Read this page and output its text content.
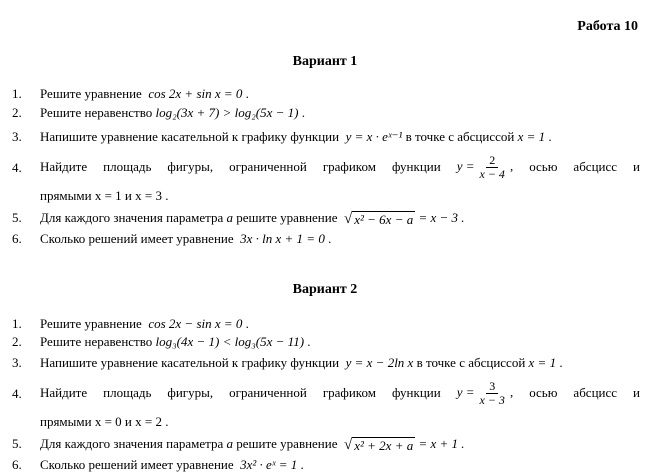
Работа 10
Вариант 1
1. Решите уравнение cos 2x + sin x = 0 .
2. Решите неравенство log₂(3x + 7) > log₂(5x − 1) .
3. Напишите уравнение касательной к графику функции y = x · eˣ⁻¹ в точке с абсциссой x = 1 .
4. Найдите площадь фигуры, ограниченной графиком функции $y = \frac{2}{x - 4}$ , осью абсцисс и
прямыми x = 1 и x = 3 .
5. Для каждого значения параметра a решите уравнение √ x² − 6x − a = x − 3 .
6. Сколько решений имеет уравнение 3x · ln x + 1 = 0 .
Вариант 2
1. Решите уравнение cos 2x − sin x = 0 .
2. Решите неравенство log₃(4x − 1) < log₃(5x − 11) .
3. Напишите уравнение касательной к графику функции y = x − 2ln x в точке с абсциссой x = 1 .
4. Найдите площадь фигуры, ограниченной графиком функции $y = \frac{3}{x - 3}$ , осью абсцисс и
прямыми x = 0 и x = 2 .
5. Для каждого значения параметра a решите уравнение √ x² + 2x + a = x + 1 .
6. Сколько решений имеет уравнение 3x² · eˣ = 1 .
